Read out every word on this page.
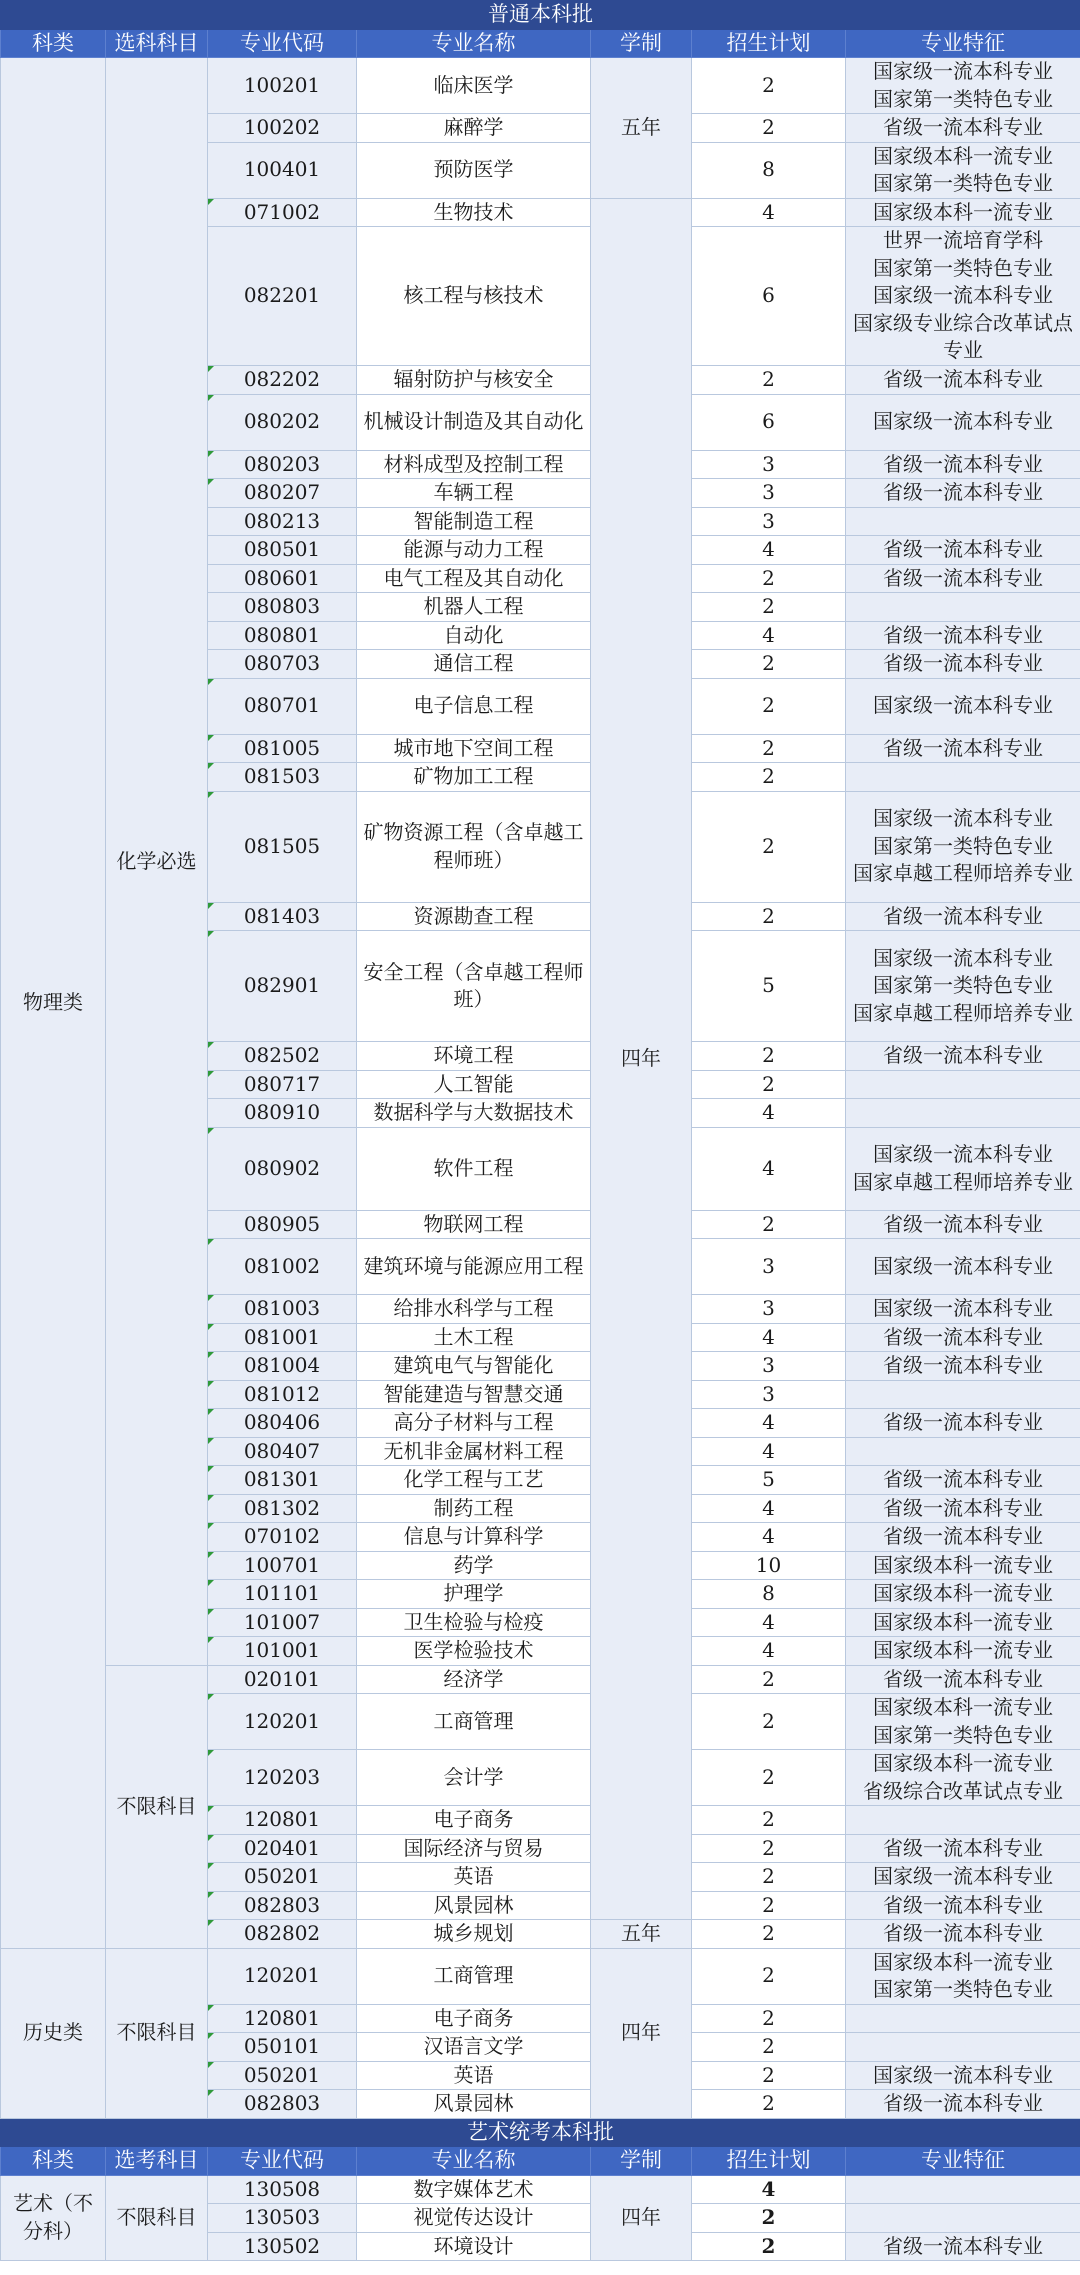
普通本科批						
科类	选科科目	专业代码	专业名称	学制	招生计划	专业特征
物理类	化学必选	100201	临床医学	五年	2	国家级一流本科专业
国家第一类特色专业

		100202	麻醉学		2	省级一流本科专业
		100401	预防医学		8	国家级本科一流专业
国家第一类特色专业

		071002	生物技术	四年	4	国家级本科一流专业
		082201	核工程与核技术		6	世界一流培育学科
国家第一类特色专业
国家级一流本科专业
国家级专业综合改革试点专业

		082202	辐射防护与核安全		2	省级一流本科专业
		080202	机械设计制造及其自动化		6	国家级一流本科专业
		080203	材料成型及控制工程		3	省级一流本科专业
		080207	车辆工程		3	省级一流本科专业
		080213	智能制造工程		3	
		080501	能源与动力工程		4	省级一流本科专业
		080601	电气工程及其自动化		2	省级一流本科专业
		080803	机器人工程		2	
		080801	自动化		4	省级一流本科专业
		080703	通信工程		2	省级一流本科专业
		080701	电子信息工程		2	国家级一流本科专业
		081005	城市地下空间工程		2	省级一流本科专业
		081503	矿物加工工程		2	
		081505	矿物资源工程（含卓越工程师班）		2	国家级一流本科专业
国家第一类特色专业
国家卓越工程师培养专业

		081403	资源勘查工程		2	省级一流本科专业
		082901	安全工程（含卓越工程师班）		5	国家级一流本科专业
国家第一类特色专业
国家卓越工程师培养专业

		082502	环境工程		2	省级一流本科专业
		080717	人工智能		2	
		080910	数据科学与大数据技术		4	
		080902	软件工程		4	国家级一流本科专业
国家卓越工程师培养专业

		080905	物联网工程		2	省级一流本科专业
		081002	建筑环境与能源应用工程		3	国家级一流本科专业
		081003	给排水科学与工程		3	国家级一流本科专业
		081001	土木工程		4	省级一流本科专业
		081004	建筑电气与智能化		3	省级一流本科专业
		081012	智能建造与智慧交通		3	
		080406	高分子材料与工程		4	省级一流本科专业
		080407	无机非金属材料工程		4	
		081301	化学工程与工艺		5	省级一流本科专业
		081302	制药工程		4	省级一流本科专业
		070102	信息与计算科学		4	省级一流本科专业
		100701	药学		10	国家级本科一流专业
		101101	护理学		8	国家级本科一流专业
		101007	卫生检验与检疫		4	国家级本科一流专业
		101001	医学检验技术		4	国家级本科一流专业
	不限科目	020101	经济学		2	省级一流本科专业
		120201	工商管理		2	国家级本科一流专业
国家第一类特色专业

		120203	会计学		2	国家级本科一流专业
省级综合改革试点专业

		120801	电子商务		2	
		020401	国际经济与贸易		2	省级一流本科专业
		050201	英语		2	国家级一流本科专业
		082803	风景园林		2	省级一流本科专业
		082802	城乡规划	五年	2	省级一流本科专业
历史类	不限科目	120201	工商管理	四年	2	国家级本科一流专业
国家第一类特色专业

		120801	电子商务		2	
		050101	汉语言文学		2	
		050201	英语		2	国家级一流本科专业
		082803	风景园林		2	省级一流本科专业
艺术统考本科批						
科类	选考科目	专业代码	专业名称	学制	招生计划	专业特征
艺术（不分科）	不限科目	130508	数字媒体艺术	四年	4	
		130503	视觉传达设计		2	
		130502	环境设计		2	省级一流本科专业
